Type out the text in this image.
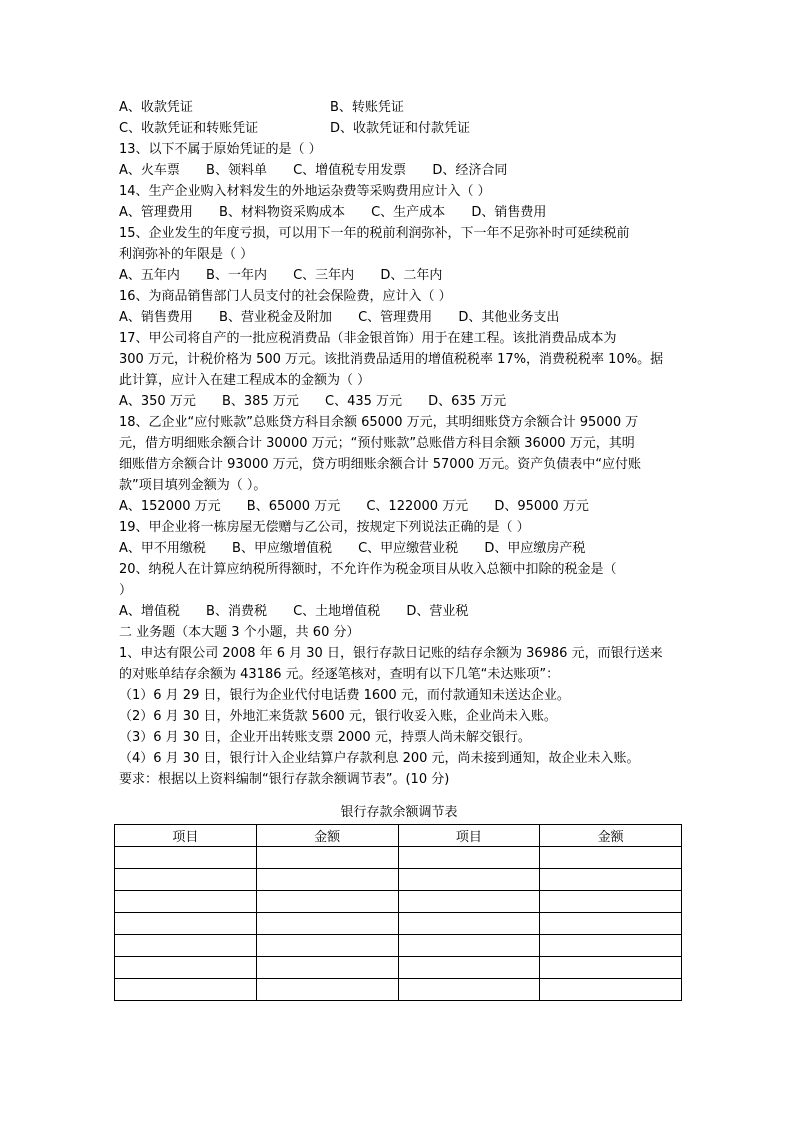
A、收款凭证	B、转账凭证
C、收款凭证和转账凭证	D、收款凭证和付款凭证
13、以下不属于原始凭证的是（ ）
A、火车票 B、领料单 C、增值税专用发票 D、经济合同
14、生产企业购入材料发生的外地运杂费等采购费用应计入（ ）
A、管理费用 B、材料物资采购成本 C、生产成本 D、销售费用
15、企业发生的年度亏损，可以用下一年的税前利润弥补，下一年不足弥补时可延续税前
利润弥补的年限是（ ）
A、五年内 B、一年内 C、三年内 D、二年内
16、为商品销售部门人员支付的社会保险费，应计入（ ）
A、销售费用 B、营业税金及附加 C、管理费用 D、其他业务支出
17、甲公司将自产的一批应税消费品（非金银首饰）用于在建工程。该批消费品成本为
300 万元，计税价格为 500 万元。该批消费品适用的增值税税率 17%，消费税税率 10%。据
此计算，应计入在建工程成本的金额为（ ）
A、350 万元 B、385 万元 C、435 万元 D、635 万元
18、乙企业“应付账款”总账贷方科目余额 65000 万元，其明细账贷方余额合计 95000 万
元，借方明细账余额合计 30000 万元；“预付账款”总账借方科目余额 36000 万元，其明
细账借方余额合计 93000 万元，贷方明细账余额合计 57000 万元。资产负债表中“应付账
款”项目填列金额为（ ）。
A、152000 万元 B、65000 万元 C、122000 万元 D、95000 万元
19、甲企业将一栋房屋无偿赠与乙公司，按规定下列说法正确的是（ ）
A、甲不用缴税 B、甲应缴增值税 C、甲应缴营业税 D、甲应缴房产税
20、纳税人在计算应纳税所得额时，不允许作为税金项目从收入总额中扣除的税金是（
）
A、增值税 B、消费税 C、土地增值税 D、营业税
二 业务题（本大题 3 个小题，共 60 分）
1、申达有限公司 2008 年 6 月 30 日，银行存款日记账的结存余额为 36986 元，而银行送来
的对账单结存余额为 43186 元。经逐笔核对，查明有以下几笔“未达账项”：
（1）6 月 29 日，银行为企业代付电话费 1600 元，而付款通知未送达企业。
（2）6 月 30 日，外地汇来货款 5600 元，银行收妥入账，企业尚未入账。
（3）6 月 30 日，企业开出转账支票 2000 元，持票人尚未解交银行。
（4）6 月 30 日，银行计入企业结算户存款利息 200 元，尚未接到通知，故企业未入账。
要求：根据以上资料编制“银行存款余额调节表”。(10 分)
银行存款余额调节表
项目	金额	项目	金额
